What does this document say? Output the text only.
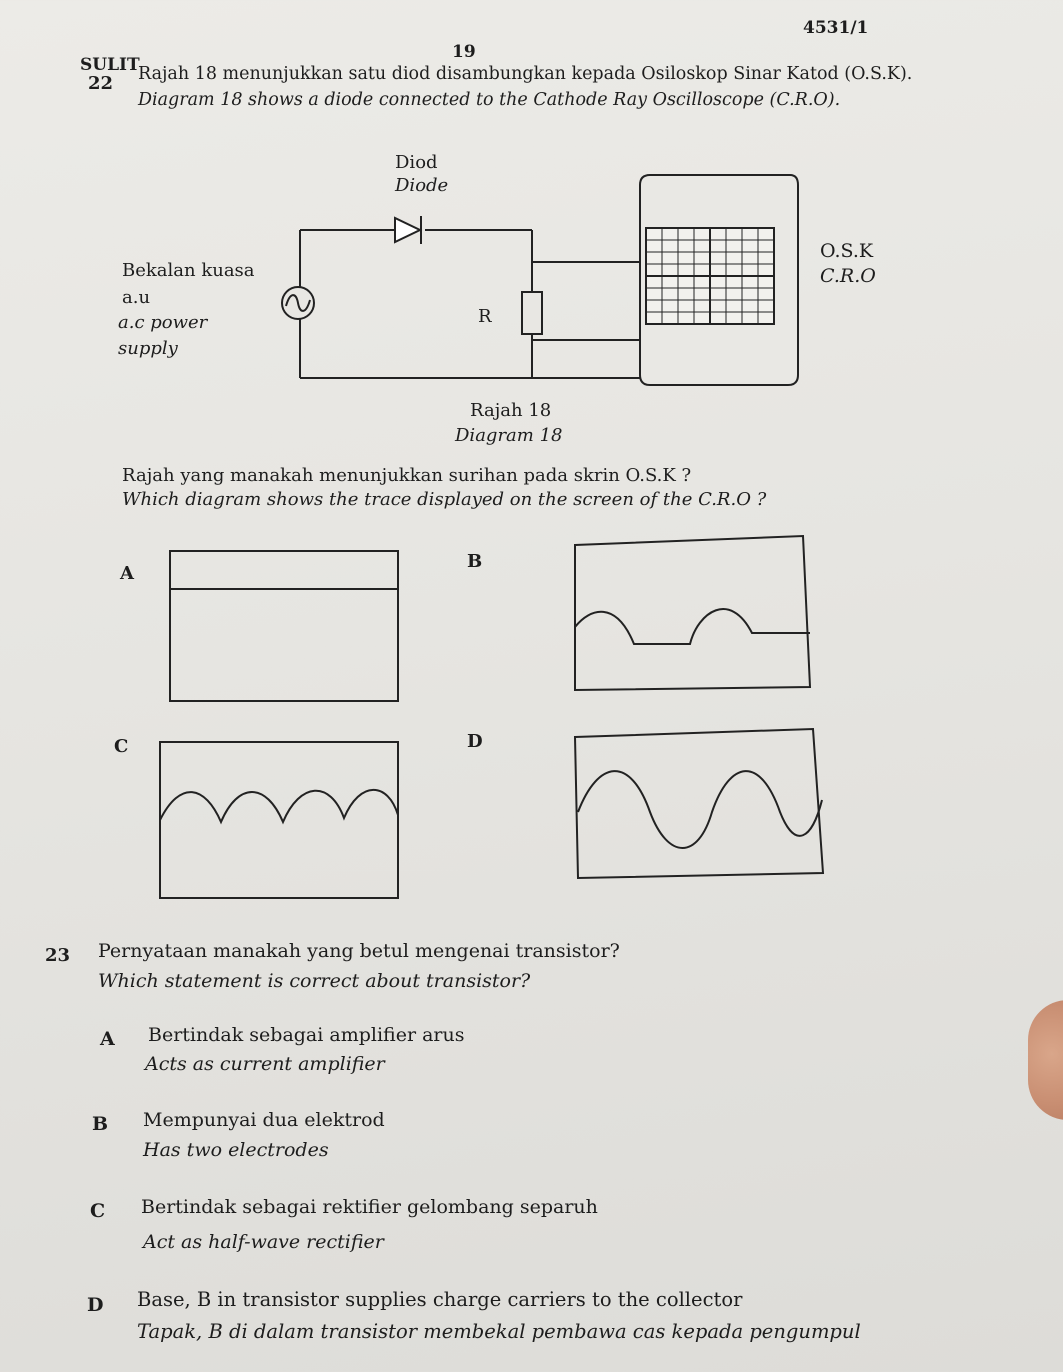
4531/1
19
SULIT
22 Rajah 18 menunjukkan satu diod disambungkan kepada Osiloskop Sinar Katod (O.S.K).
Diagram 18 shows a diode connected to the Cathode Ray Oscilloscope (C.R.O).
Diod
Diode
Bekalan kuasa
a.u
a.c power
supply
R
O.S.K
C.R.O
Rajah 18
Diagram 18
Rajah yang manakah menunjukkan surihan pada skrin O.S.K ?
Which diagram shows the trace displayed on the screen of the C.R.O ?
A
B
C	D
23 Pernyataan manakah yang betul mengenai transistor?
Which statement is correct about transistor?
A Bertindak sebagai amplifier arus
Acts as current amplifier
B Mempunyai dua elektrod
Has two electrodes
C Bertindak sebagai rektifier gelombang separuh
Act as half-wave rectifier
D Base, B in transistor supplies charge carriers to the collector
Tapak, B di dalam transistor membekal pembawa cas kepada pengumpul
